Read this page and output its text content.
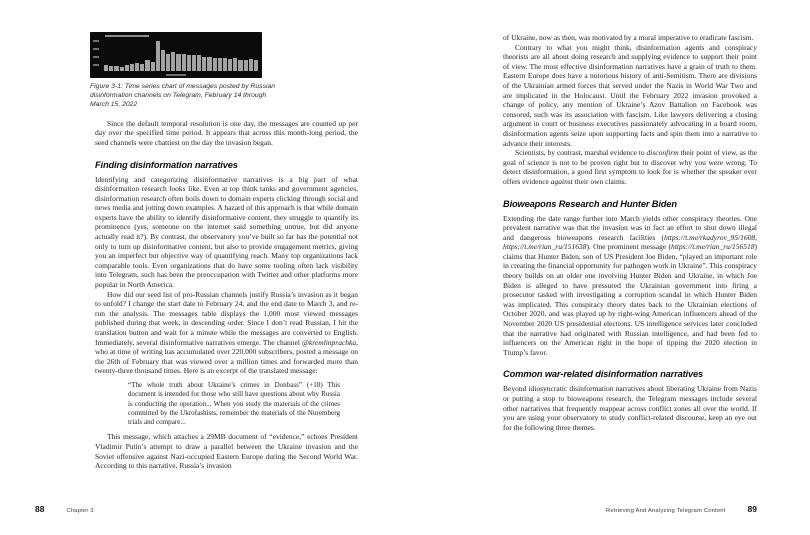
Figure 3-1: Time series chart of messages posted by Russian disinformation channels on Telegram, February 14 through March 15, 2022

Since the default temporal resolution is one day, the messages are counted up per day over the specified time period. It appears that across this month-long period, the seed channels were chattiest on the day the invasion began.

Finding disinformation narratives

Identifying and categorizing disinformative narratives is a big part of what disinformation research looks like. Even at top think tanks and government agencies, disinformation research often boils down to domain experts clicking through social and news media and jotting down examples. A hazard of this approach is that while domain experts have the ability to identify disinformative content, they struggle to quantify its prominence (yes, someone on the internet said something untrue, but did anyone actually read it?). By contrast, the observatory you’ve built so far has the potential not only to turn up disinformative content, but also to provide engagement metrics, giving you an imperfect but objective way of quantifying reach. Many top organizations lack comparable tools. Even organizations that do have some tooling often lack visibility into Telegram, such has been the preoccupation with Twitter and other platforms more popular in North America.

How did our seed list of pro-Russian channels justify Russia’s invasion as it began to unfold? I change the start date to February 24, and the end date to March 3, and re-run the analysis. The messages table displays the 1,000 most viewed messages published during that week, in descending order. Since I don’t read Russian, I hit the translation button and wait for a minute while the messages are converted to English. Immediately, several disinformative narratives emerge. The channel @kremlinprachka, who at time of writing has accumulated over 220,000 subscribers, posted a message on the 26th of February that was viewed over a million times and forwarded more than twenty-three thousand times. Here is an excerpt of the translated message:

“The whole truth about Ukraine’s crimes in Donbass” (+18) This document is intended for those who still have questions about why Russia is conducting the operation... When you study the materials of the crimes committed by the Ukrofashists, remember the materials of the Nuremberg trials and compare...

This message, which attaches a 29MB document of “evidence,” echoes President Vladimir Putin’s attempt to draw a parallel between the Ukraine invasion and the Soviet offensive against Nazi-occupied Eastern Europe during the Second World War. According to this narrative, Russia’s invasion

of Ukraine, now as then, was motivated by a moral imperative to eradicate fascism.

Contrary to what you might think, disinformation agents and conspiracy theorists are all about doing research and supplying evidence to support their point of view. The most effective disinformation narratives have a grain of truth to them. Eastern Europe does have a notorious history of anti-Semitism. There are divisions of the Ukrainian armed forces that served under the Nazis in World War Two and are implicated in the Holocaust. Until the February 2022 invasion provoked a change of policy, any mention of Ukraine’s Azov Battalion on Facebook was censored, such was its association with fascism. Like lawyers delivering a closing argument in court or business executives passionately advocating in a board room, disinformation agents seize upon supporting facts and spin them into a narrative to advance their interests.

Scientists, by contrast, marshal evidence to disconfirm their point of view, as the goal of science is not to be proven right but to discover why you were wrong. To detect disinformation, a good first symptom to look for is whether the speaker ever offers evidence against their own claims.

Bioweapons Research and Hunter Biden

Extending the date range further into March yields other conspiracy theories. One prevalent narrative was that the invasion was in fact an effort to shut down illegal and dangerous bioweapons research facilities (https://t.me/rkadyrov_95/1608, https://t.me/rian_ru/151638). One prominent message (https://t.me/rian_ru/156518) claims that Hunter Biden, son of US President Joe Biden, “played an important role in creating the financial opportunity for pathogen work in Ukraine”. This conspiracy theory builds on an older one involving Hunter Biden and Ukraine, in which Joe Biden is alleged to have pressured the Ukrainian government into firing a prosecutor tasked with investigating a corruption scandal in which Hunter Biden was implicated. This conspiracy theory dates back to the Ukrainian elections of October 2020, and was played up by right-wing American influencers ahead of the November 2020 US presidential elections. US intelligence services later concluded that the narrative had originated with Russian intelligence, and had been fed to influencers on the American right in the hope of tipping the 2020 election in Trump’s favor.

Common war-related disinformation narratives

Beyond idiosyncratic disinformation narratives about liberating Ukraine from Nazis or putting a stop to bioweapons research, the Telegram messages include several other narratives that frequently reappear across conflict zones all over the world. If you are using your observatory to study conflict-related discourse, keep an eye out for the following three themes.

88	Chapter 3	Retrieving And Analyzing Telegram Content	89
